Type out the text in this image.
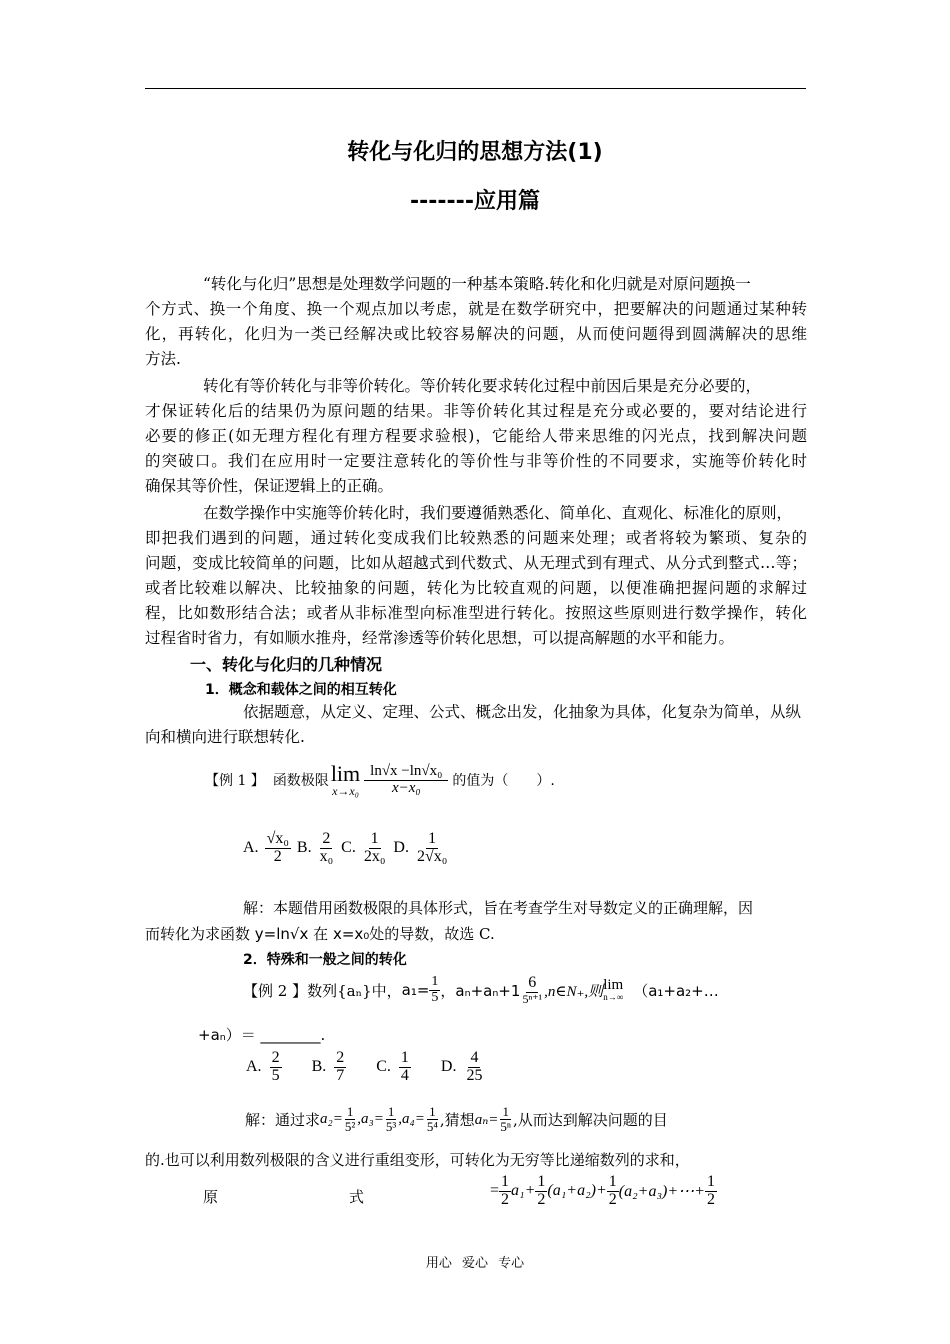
转化与化归的思想方法(1)
-------应用篇
“转化与化归”思想是处理数学问题的一种基本策略.转化和化归就是对原问题换一
个方式、换一个角度、换一个观点加以考虑，就是在数学研究中，把要解决的问题通过某种转
化，再转化，化归为一类已经解决或比较容易解决的问题，从而使问题得到圆满解决的思维
方法.
转化有等价转化与非等价转化。等价转化要求转化过程中前因后果是充分必要的，
才保证转化后的结果仍为原问题的结果。非等价转化其过程是充分或必要的，要对结论进行
必要的修正(如无理方程化有理方程要求验根)，它能给人带来思维的闪光点，找到解决问题
的突破口。我们在应用时一定要注意转化的等价性与非等价性的不同要求，实施等价转化时
确保其等价性，保证逻辑上的正确。
在数学操作中实施等价转化时，我们要遵循熟悉化、简单化、直观化、标准化的原则，
即把我们遇到的问题，通过转化变成我们比较熟悉的问题来处理；或者将较为繁琐、复杂的
问题，变成比较简单的问题，比如从超越式到代数式、从无理式到有理式、从分式到整式…等；
或者比较难以解决、比较抽象的问题，转化为比较直观的问题，以便准确把握问题的求解过
程，比如数形结合法；或者从非标准型向标准型进行转化。按照这些原则进行数学操作，转化
过程省时省力，有如顺水推舟，经常渗透等价转化思想，可以提高解题的水平和能力。
一、转化与化归的几种情况
1．概念和载体之间的相互转化
依据题意，从定义、定理、公式、概念出发，化抽象为具体，化复杂为简单，从纵
向和横向进行联想转化.
【例 1 】 函数极限 lim
$x\to x_0 \frac{\text{ln√x −ln√x₀}}{\text{x−x₀}}$ 的值为（　　）.
A. $\frac{\text{√x₀}}{2} B$. $\frac{2}{\text{x₀}} C$. $\frac{1}{\text{2x₀}} D$. $\frac{1}{\text{2√x₀}}$
解：本题借用函数极限的具体形式，旨在考查学生对导数定义的正确理解，因
而转化为求函数 y=ln√x 在 x=x₀处的导数，故选 C.
2．特殊和一般之间的转化
【例 2 】 数列{aₙ}中， $a_1= \frac{1}{5}$ ，$a_n+a_n+1 \frac{6}{\text{5ⁿ⁺¹}}$ ,n∈N₊,则 lim
n→∞ （a₁+a₂+…
+aₙ）＝ ________.
A. $\frac{2}{5} B$. $\frac{2}{7} C$. $\frac{1}{4} D$. $\frac{4}{25}$
解：通过求 $a_2= \frac{1}{\text{5²}} ,a_3= \frac{1}{\text{5³}} ,a_4= \frac{1}{\text{5⁴}}$ ,猜想 $a_n= \frac{1}{\text{5ⁿ}}$ ,从而达到解决问题的目
的.也可以利用数列极限的含义进行重组变形，可转化为无穷等比递缩数列的求和，
原	式	= $\frac{1}{2} a_1+ \frac{1}{2} (a_1+a_2)+ \frac{1}{2}$ (a₂+a₃)+⋯+ $\frac{1}{2}$
用心 爱心 专心
